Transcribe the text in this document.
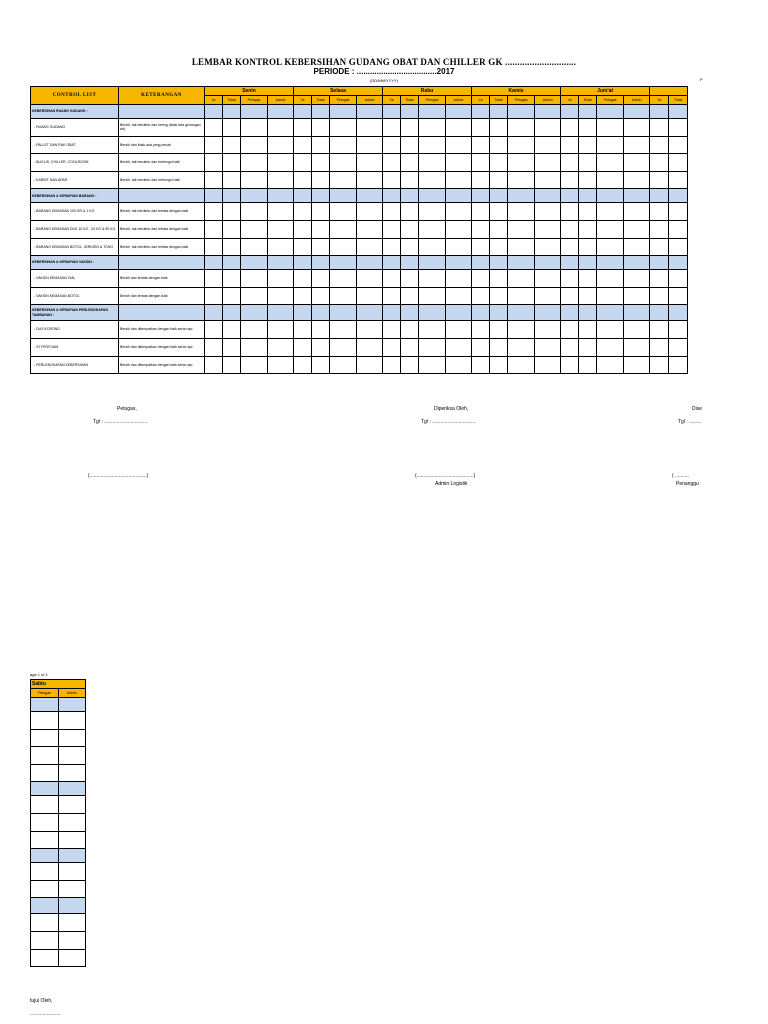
LEMBAR KONTROL KEBERSIHAN GUDANG OBAT DAN CHILLER GK .............................
PERIODE : ....................................2017
(DD/MM/YYYY)	P
CONTROL LIST	KETERANGAN	Senin				Selasa				Rabu				Kamis				Jum'at					
		Ya	Tidak	Petugas	Admin	Ya	Tidak	Petugas	Admin	Ya	Tidak	Petugas	Admin	Ya	Tidak	Petugas	Admin	Ya	Tidak	Petugas	Admin	Ya	Tidak
KEBERSIHAN RUANG GUDANG :																							
- RUANG GUDANG	Bersih, tak berdebu dan kering (tidak ada genangan air)																						
- PALLET DAN RAK OBAT	Bersih dan tidak ada yang pecah																						
- BLIKLIS, CHILLER, COOLROOM	Bersih, tak berdebu dan berfungsi baik																						
- KARBIT DAN APAR	Bersih, tak berdebu dan berfungsi baik																						
KEBERSIHAN & KERAPIAN BARANG :																							
- BARANG KEMASAN 100 GR & 1 KG	Bersih, tak berdebu dan tertata dengan baik																						
- BARANG KEMASAN DUS 10 KG , 20 KG & 50 KG	Bersih, tak berdebu dan tertata dengan baik																						
- BARANG KEMASAN BOTOL, JERIGEN & TONG	Bersih, tak berdebu dan tertata dengan baik																						
KEBERSIHAN & KERAPIAN VAKSIN :																							
- VAKSIN KEMASAN VIAL	Bersih dan tertata dengan baik																						
- VAKSIN KEMASAN BOTOL	Bersih dan tertata dengan baik																						
KEBERSIHAN & KERAPIAN PERLENGKAPAN TAMBAHAN :																							
- DUS KOSONG	Bersih dan ditempatkan dengan baik serta rapi																						
- STYROFOAM	Bersih dan ditempatkan dengan baik serta rapi																						
- PERLENGKAPAN KEBERSIHAN	Bersih dan ditempatkan dengan baik serta rapi																						
Petugas,
Tgl : ...............................
(.........................................)
Diperiksa Oleh,
Tgl : ...............................
(.........................................)
Admin Logistik
Dise
Tgl : .........
( ..........
Penanggu
age 1 of 1
Sabtu	
Petugas	Admin

tujui Oleh,
......................
